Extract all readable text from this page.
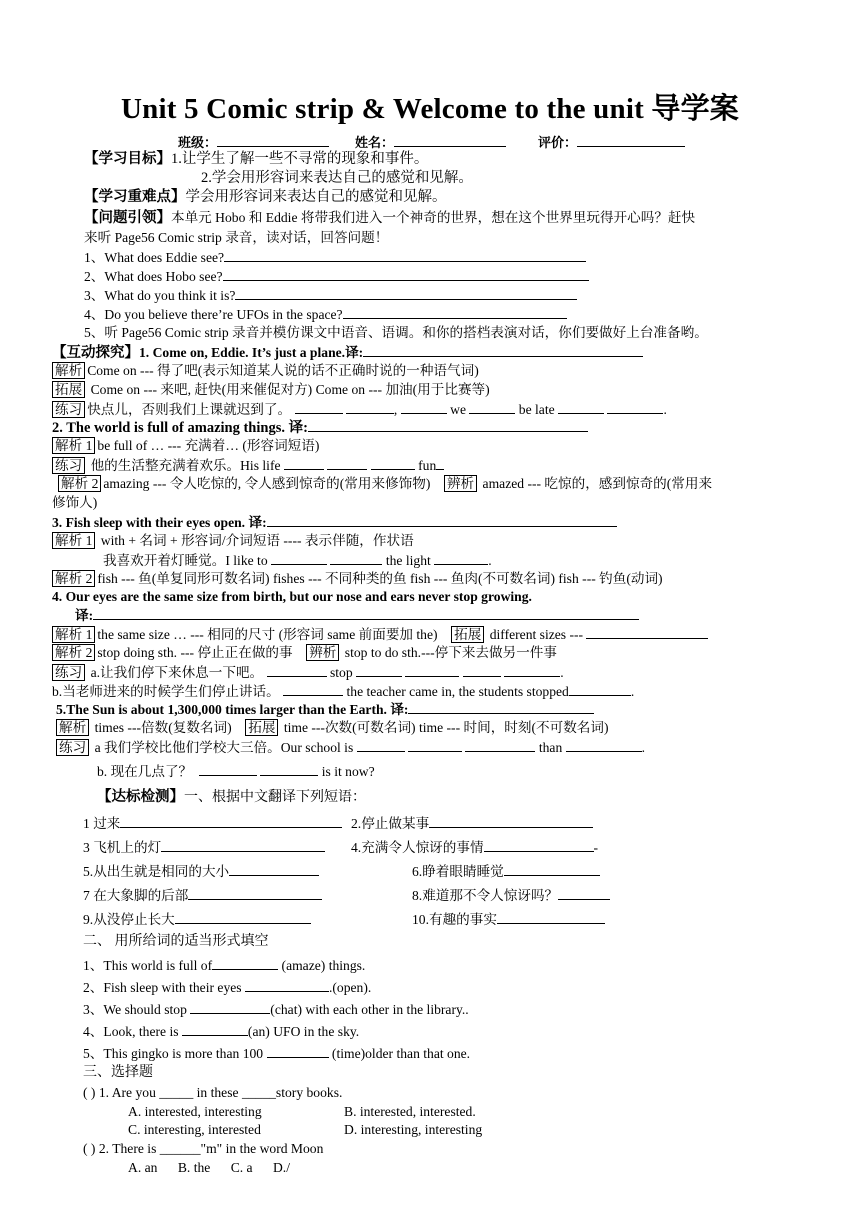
Unit 5 Comic strip & Welcome to the unit 导学案
班级：	姓名：	评价：
【学习目标】1.让学生了解一些不寻常的现象和事件。
2.学会用形容词来表达自己的感觉和见解。
【学习重难点】学会用形容词来表达自己的感觉和见解。
【问题引领】本单元 Hobo 和 Eddie 将带我们进入一个神奇的世界，想在这个世界里玩得开心吗？赶快
来听 Page56 Comic strip 录音，读对话，回答问题！
1、What does Eddie see?
2、What does Hobo see?
3、What do you think it is?
4、Do you believe there’re UFOs in the space?
5、听 Page56 Comic strip 录音并模仿课文中语音、语调。和你的搭档表演对话，你们要做好上台准备哟。
【互动探究】1. Come on, Eddie. It’s just a plane.译:
解析 Come on --- 得了吧(表示知道某人说的话不正确时说的一种语气词)
拓展 Come on --- 来吧, 赶快(用来催促对方) Come on --- 加油(用于比赛等)
练习 快点儿，否则我们上课就迟到了。	,	we	be late	.
2. The world is full of amazing things. 译:
解析 1 be full of … --- 充满着… (形容词短语)
练习 他的生活整充满着欢乐。His life	fun
解析 2 amazing --- 令人吃惊的, 令人感到惊奇的(常用来修饰物) 辨析 amazed --- 吃惊的，感到惊奇的(常用来
修饰人)
3. Fish sleep with their eyes open. 译:
解析 1 with + 名词 + 形容词/介词短语 ---- 表示伴随，作状语
我喜欢开着灯睡觉。I like to	the light	.
解析 2 fish --- 鱼(单复同形可数名词) fishes --- 不同种类的鱼 fish --- 鱼肉(不可数名词) fish --- 钓鱼(动词)
4. Our eyes are the same size from birth, but our nose and ears never stop growing.
译:
解析 1 the same size … --- 相同的尺寸 (形容词 same 前面要加 the) 拓展 different sizes ---
解析 2 stop doing sth. --- 停止正在做的事 辨析 stop to do sth.---停下来去做另一件事
练习 a.让我们停下来休息一下吧。	stop	.
b.当老师进来的时候学生们停止讲话。	the teacher came in, the students stopped	.
5.The Sun is about 1,300,000 times larger than the Earth. 译:
解析 times ---倍数(复数名词) 拓展 time ---次数(可数名词) time --- 时间，时刻(不可数名词)
练习 a 我们学校比他们学校大三倍。Our school is	than	.
b. 现在几点了？	is it now?
【达标检测】一、根据中文翻译下列短语：
1 过来	2.停止做某事
3 飞机上的灯	4.充满令人惊讶的事情	-
5.从出生就是相同的大小	6.睁着眼睛睡觉
7 在大象脚的后部	8.难道那不令人惊讶吗？
9.从没停止长大	10.有趣的事实
二、 用所给词的适当形式填空
1、This world is full of	(amaze) things.
2、Fish sleep with their eyes	.(open).
3、We should stop	(chat) with each other in the library..
4、Look, there is	(an) UFO in the sky.
5、This gingko is more than 100	(time)older than that one.
三、选择题
( ) 1. Are you _____ in these _____story books.
A. interested, interesting	B. interested, interested.
C. interesting, interested	D. interesting, interesting
( ) 2. There is ______"m" in the word Moon
A. an      B. the      C. a      D./
